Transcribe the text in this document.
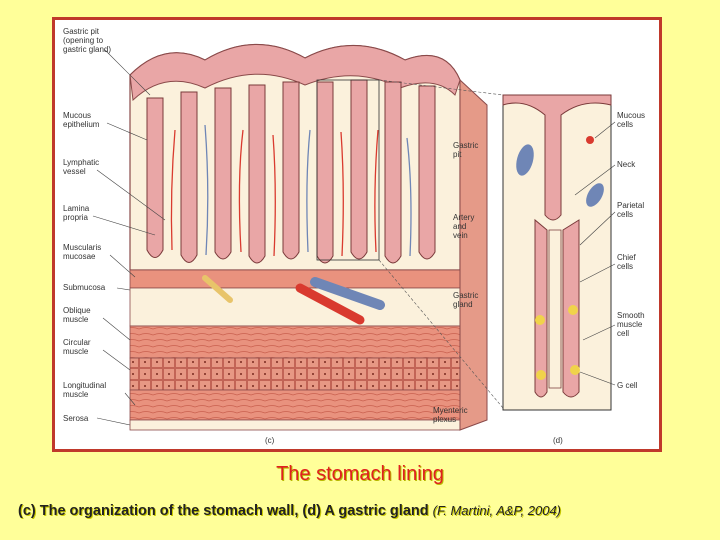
Gastric pit
(opening to
gastric gland)
Mucous
epithelium
Lymphatic
vessel
Lamina
propria
Muscularis
mucosae
Submucosa
Oblique
muscle
Circular
muscle
Longitudinal
muscle
Serosa
Gastric
pit
Artery
and
vein
Gastric
gland
Myenteric
plexus
Mucous
cells
Neck
Parietal
cells
Chief
cells
Smooth
muscle
cell
G cell
(c)	(d)
The stomach lining
(c) The organization of the stomach wall, (d) A gastric gland (F. Martini, A&P, 2004)
